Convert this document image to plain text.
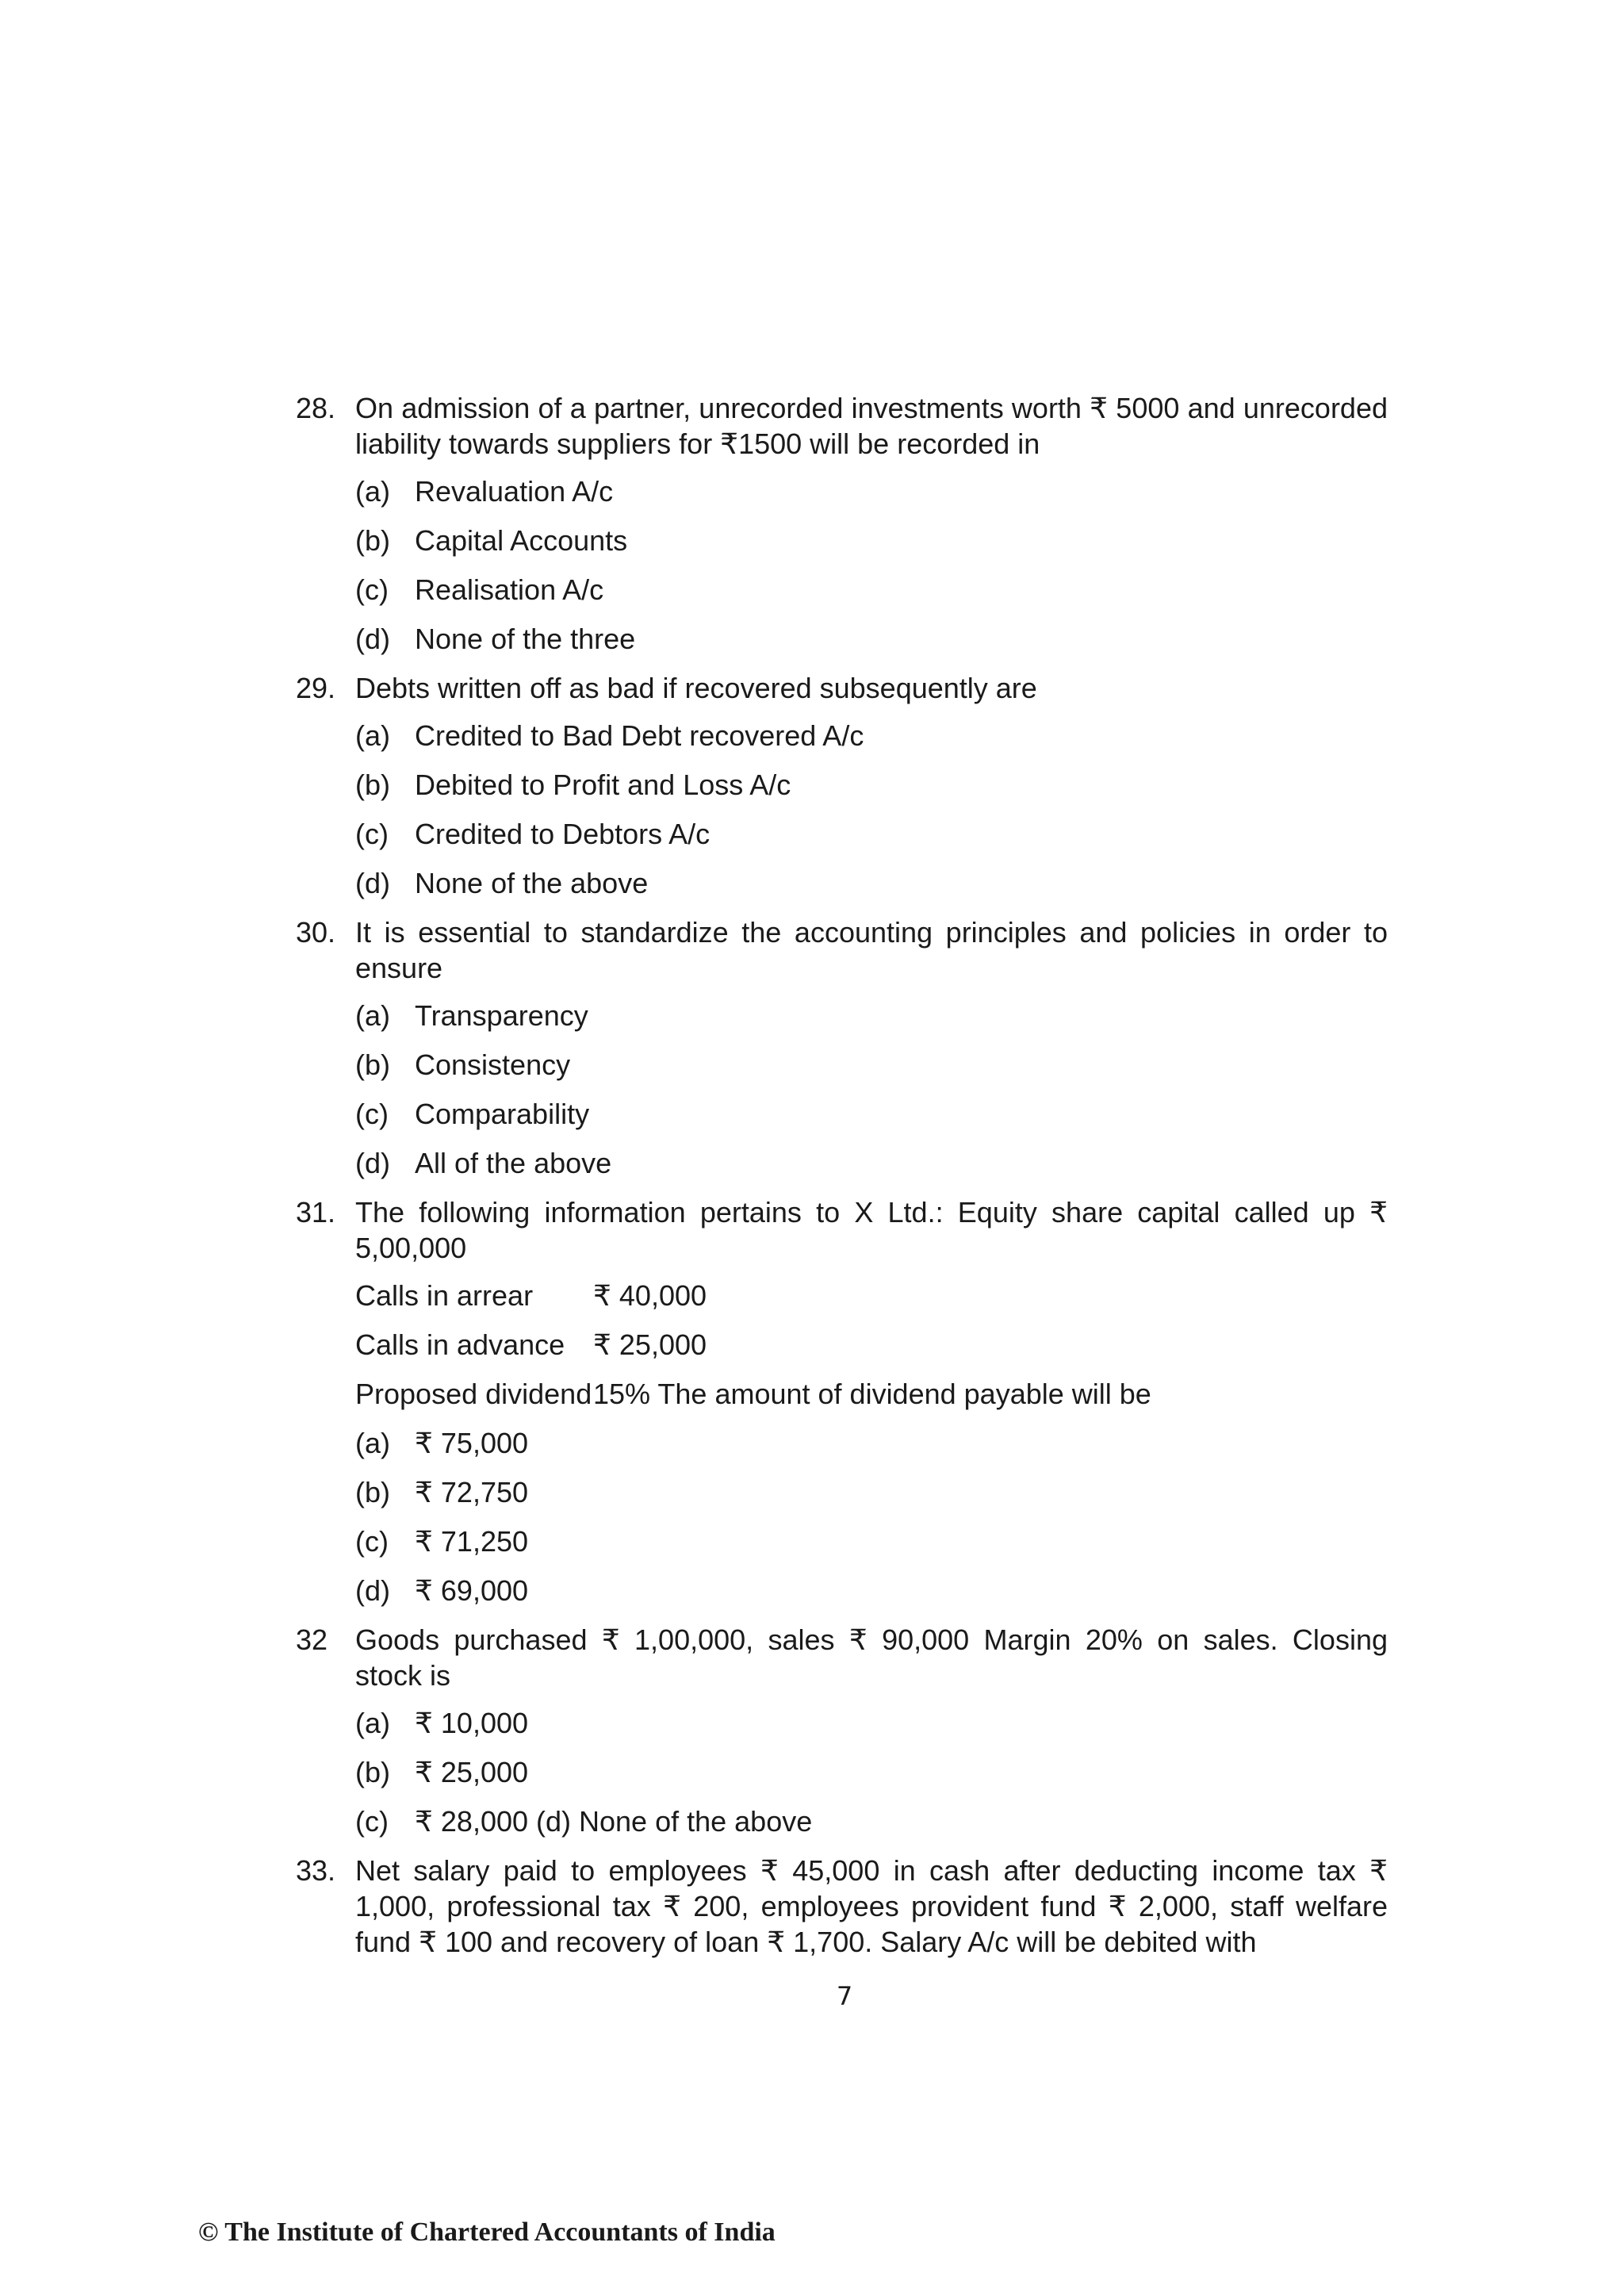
28. On admission of a partner, unrecorded investments worth ₹ 5000 and unrecorded liability towards suppliers for ₹1500 will be recorded in
(a) Revaluation A/c
(b) Capital Accounts
(c) Realisation A/c
(d) None of the three
29. Debts written off as bad if recovered subsequently are
(a) Credited to Bad Debt recovered A/c
(b) Debited to Profit and Loss A/c
(c) Credited to Debtors A/c
(d) None of the above
30. It is essential to standardize the accounting principles and policies in order to ensure
(a) Transparency
(b) Consistency
(c) Comparability
(d) All of the above
31. The following information pertains to X Ltd.: Equity share capital called up ₹ 5,00,000
Calls in arrear	₹ 40,000
Calls in advance ₹ 25,000
Proposed dividend 15% The amount of dividend payable will be
(a) ₹ 75,000
(b) ₹ 72,750
(c) ₹ 71,250
(d) ₹ 69,000
32 Goods purchased ₹ 1,00,000, sales ₹ 90,000 Margin 20% on sales. Closing stock is
(a) ₹ 10,000
(b) ₹ 25,000
(c) ₹ 28,000 (d) None of the above
33. Net salary paid to employees ₹ 45,000 in cash after deducting income tax ₹ 1,000, professional tax ₹ 200, employees provident fund ₹ 2,000, staff welfare fund ₹ 100 and recovery of loan ₹ 1,700. Salary A/c will be debited with
7
© The Institute of Chartered Accountants of India
